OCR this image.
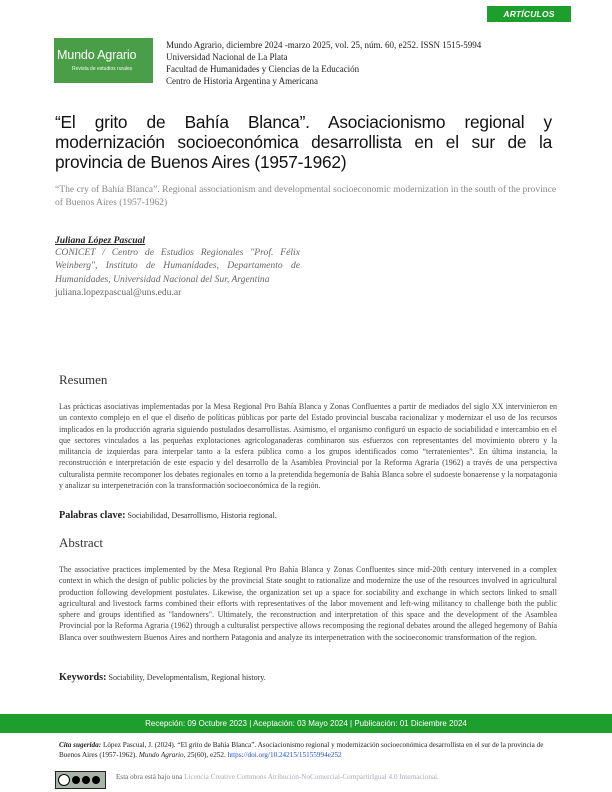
ARTÍCULOS
Mundo Agrario
Revista de estudios rurales
Mundo Agrario, diciembre 2024 -marzo 2025, vol. 25, núm. 60, e252. ISSN 1515-5994
Universidad Nacional de La Plata
Facultad de Humanidades y Ciencias de la Educación
Centro de Historia Argentina y Americana
“El grito de Bahía Blanca”. Asociacionismo regional y modernización socioeconómica desarrollista en el sur de la provincia de Buenos Aires (1957-1962)
“The cry of Bahía Blanca”. Regional associationism and developmental socioeconomic modernization in the south of the province of Buenos Aires (1957-1962)
Juliana López Pascual
CONICET / Centro de Estudios Regionales "Prof. Félix Weinberg", Instituto de Humanidades, Departamento de Humanidades, Universidad Nacional del Sur, Argentina
juliana.lopezpascual@uns.edu.ar
Resumen
Las prácticas asociativas implementadas por la Mesa Regional Pro Bahía Blanca y Zonas Confluentes a partir de mediados del siglo XX intervinieron en un contexto complejo en el que el diseño de políticas públicas por parte del Estado provincial buscaba racionalizar y modernizar el uso de los recursos implicados en la producción agraria siguiendo postulados desarrollistas. Asimismo, el organismo configuró un espacio de sociabilidad e intercambio en el que sectores vinculados a las pequeñas explotaciones agricologanaderas combinaron sus esfuerzos con representantes del movimiento obrero y la militancia de izquierdas para interpelar tanto a la esfera pública como a los grupos identificados como “terratenientes”. En última instancia, la reconstrucción e interpretación de este espacio y del desarrollo de la Asamblea Provincial por la Reforma Agraria (1962) a través de una perspectiva culturalista permite recomponer los debates regionales en torno a la pretendida hegemonía de Bahía Blanca sobre el sudoeste bonaerense y la norpatagonia y analizar su interpenetración con la transformación socioeconómica de la región.
Palabras clave: Sociabilidad, Desarrollismo, Historia regional.
Abstract
The associative practices implemented by the Mesa Regional Pro Bahía Blanca y Zonas Confluentes since mid-20th century intervened in a complex context in which the design of public policies by the provincial State sought to rationalize and modernize the use of the resources involved in agricultural production following development postulates. Likewise, the organization set up a space for sociability and exchange in which sectors linked to small agricultural and livestock farms combined their efforts with representatives of the labor movement and left-wing militancy to challenge both the public sphere and groups identified as "landowners". Ultimately, the reconstruction and interpretation of this space and the development of the Asamblea Provincial por la Reforma Agraria (1962) through a culturalist perspective allows recomposing the regional debates around the alleged hegemony of Bahía Blanca over southwestern Buenos Aires and northern Patagonia and analyze its interpenetration with the socioeconomic transformation of the region.
Keywords: Sociability, Developmentalism, Regional history.
Recepción: 09 Octubre 2023 | Aceptación: 03 Mayo 2024 | Publicación: 01 Diciembre 2024
Cita sugerida: López Pascual, J. (2024). “El grito de Bahía Blanca”. Asociacionismo regional y modernización socioeconómica desarrollista en el sur de la provincia de Buenos Aires (1957-1962). Mundo Agrario, 25(60), e252. https://doi.org/10.24215/15155994e252
Esta obra está bajo una Licencia Creative Commons Atribución-NoComercial-CompartirIgual 4.0 Internacional.
